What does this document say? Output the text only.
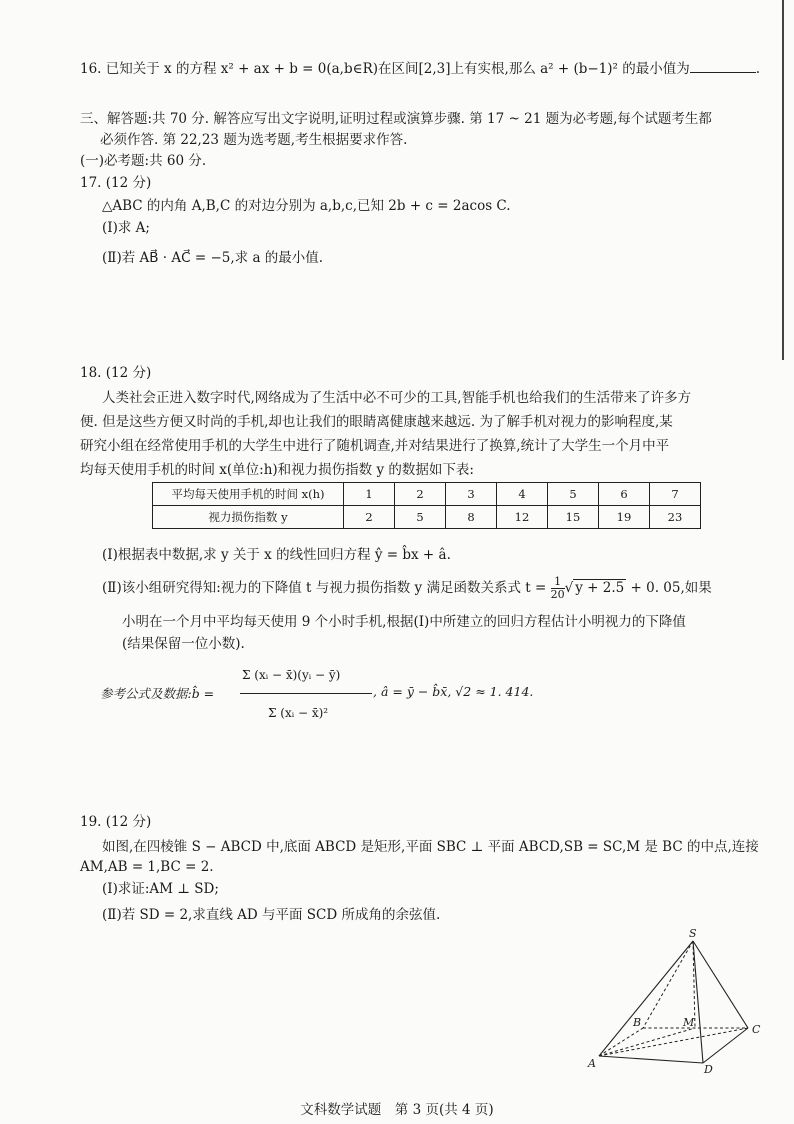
16. 已知关于 x 的方程 x² + ax + b = 0(a,b∈R)在区间[2,3]上有实根,那么 a² + (b−1)² 的最小值为	.
三、解答题:共 70 分. 解答应写出文字说明,证明过程或演算步骤. 第 17 ~ 21 题为必考题,每个试题考生都
必须作答. 第 22,23 题为选考题,考生根据要求作答.
(一)必考题:共 60 分.
17. (12 分)
△ABC 的内角 A,B,C 的对边分别为 a,b,c,已知 2b + c = 2acos C.
(Ⅰ)求 A;
(Ⅱ)若 AB⃗ · AC⃗ = −5,求 a 的最小值.
18. (12 分)
人类社会正进入数字时代,网络成为了生活中必不可少的工具,智能手机也给我们的生活带来了许多方
便. 但是这些方便又时尚的手机,却也让我们的眼睛离健康越来越远. 为了解手机对视力的影响程度,某
研究小组在经常使用手机的大学生中进行了随机调查,并对结果进行了换算,统计了大学生一个月中平
均每天使用手机的时间 x(单位:h)和视力损伤指数 y 的数据如下表:
平均每天使用手机的时间 x(h)	1	2	3	4	5	6	7
视力损伤指数 y	2	5	8	12	15	19	23
(Ⅰ)根据表中数据,求 y 关于 x 的线性回归方程 ŷ = b̂x + â.
(Ⅱ)该小组研究得知:视力的下降值 t 与视力损伤指数 y 满足函数关系式 $t = \frac{1}{20}$ √ y + 2.5 + 0. 05,如果
小明在一个月中平均每天使用 9 个小时手机,根据(Ⅰ)中所建立的回归方程估计小明视力的下降值
(结果保留一位小数).
参考公式及数据:b̂ =
Σ (xᵢ − x̄)(yᵢ − ȳ)
Σ (xᵢ − x̄)²
, â = ȳ − b̂x̄, √2 ≈ 1. 414.
19. (12 分)
如图,在四棱锥 S − ABCD 中,底面 ABCD 是矩形,平面 SBC ⊥ 平面 ABCD,SB = SC,M 是 BC 的中点,连接
AM,AB = 1,BC = 2.
(Ⅰ)求证:AM ⊥ SD;
(Ⅱ)若 SD = 2,求直线 AD 与平面 SCD 所成角的余弦值.
S
B	M
C
A	D
文科数学试题　第 3 页(共 4 页)
